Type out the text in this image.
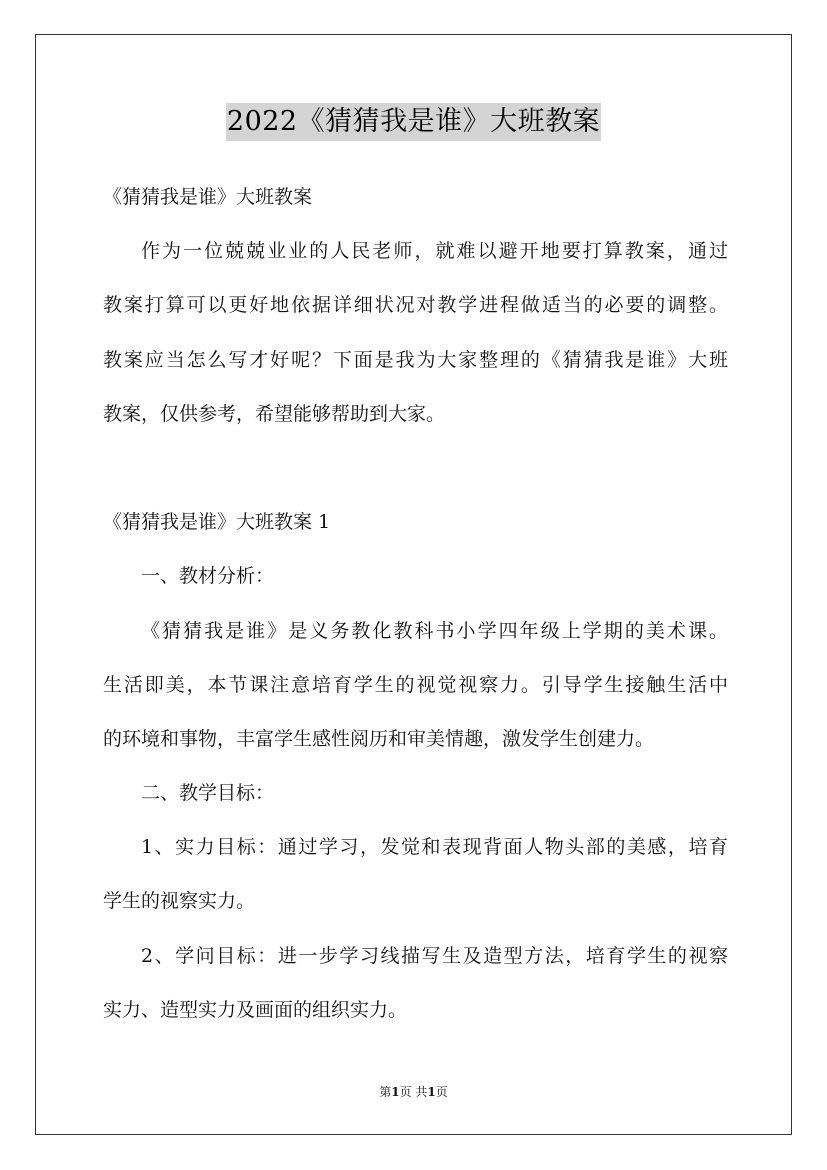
2022《猜猜我是谁》大班教案
《猜猜我是谁》大班教案
作为一位兢兢业业的人民老师，就难以避开地要打算教案，通过
教案打算可以更好地依据详细状况对教学进程做适当的必要的调整。
教案应当怎么写才好呢？下面是我为大家整理的《猜猜我是谁》大班
教案，仅供参考，希望能够帮助到大家。
《猜猜我是谁》大班教案 1
一、教材分析：
《猜猜我是谁》是义务教化教科书小学四年级上学期的美术课。
生活即美，本节课注意培育学生的视觉视察力。引导学生接触生活中
的环境和事物，丰富学生感性阅历和审美情趣，激发学生创建力。
二、教学目标：
1、实力目标：通过学习，发觉和表现背面人物头部的美感，培育
学生的视察实力。
2、学问目标：进一步学习线描写生及造型方法，培育学生的视察
实力、造型实力及画面的组织实力。
第1页 共1页
